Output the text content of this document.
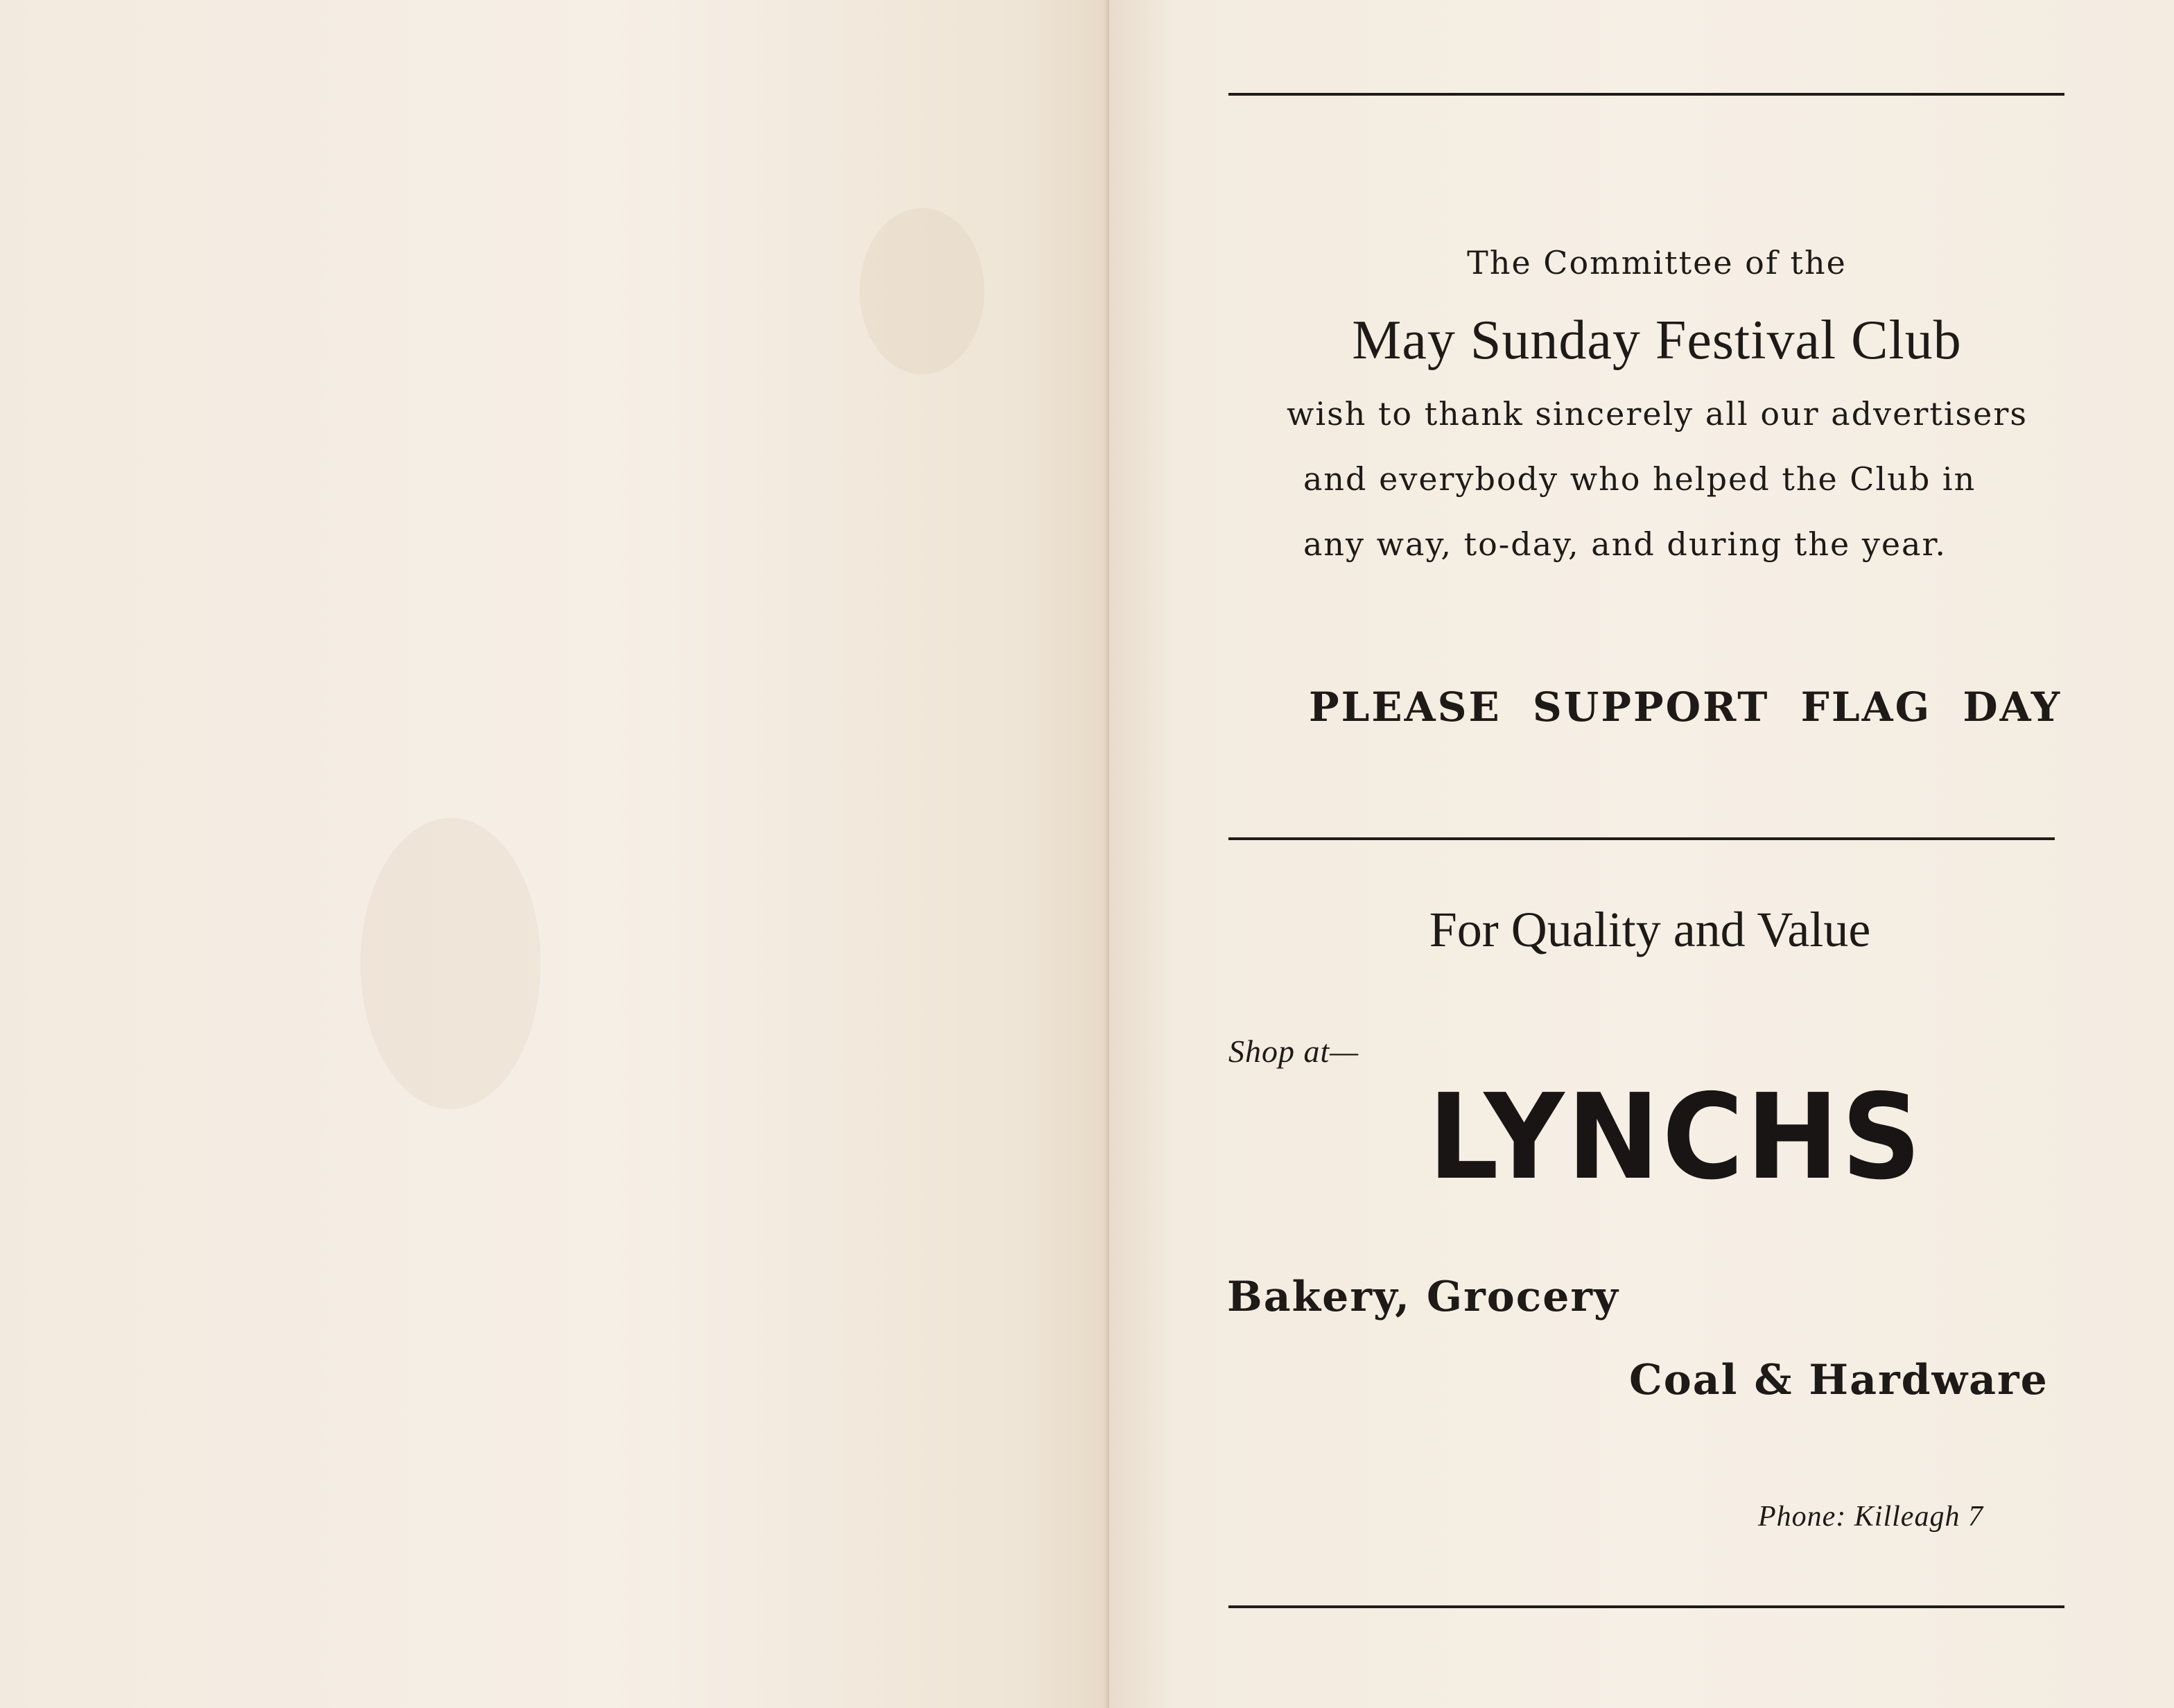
The Committee of the
May Sunday Festival Club
wish to thank sincerely all our advertisers
and everybody who helped the Club in
any way, to-day, and during the year.
PLEASE SUPPORT FLAG DAY
For Quality and Value
Shop at—
LYNCHS
Bakery, Grocery
Coal & Hardware
Phone: Killeagh 7
